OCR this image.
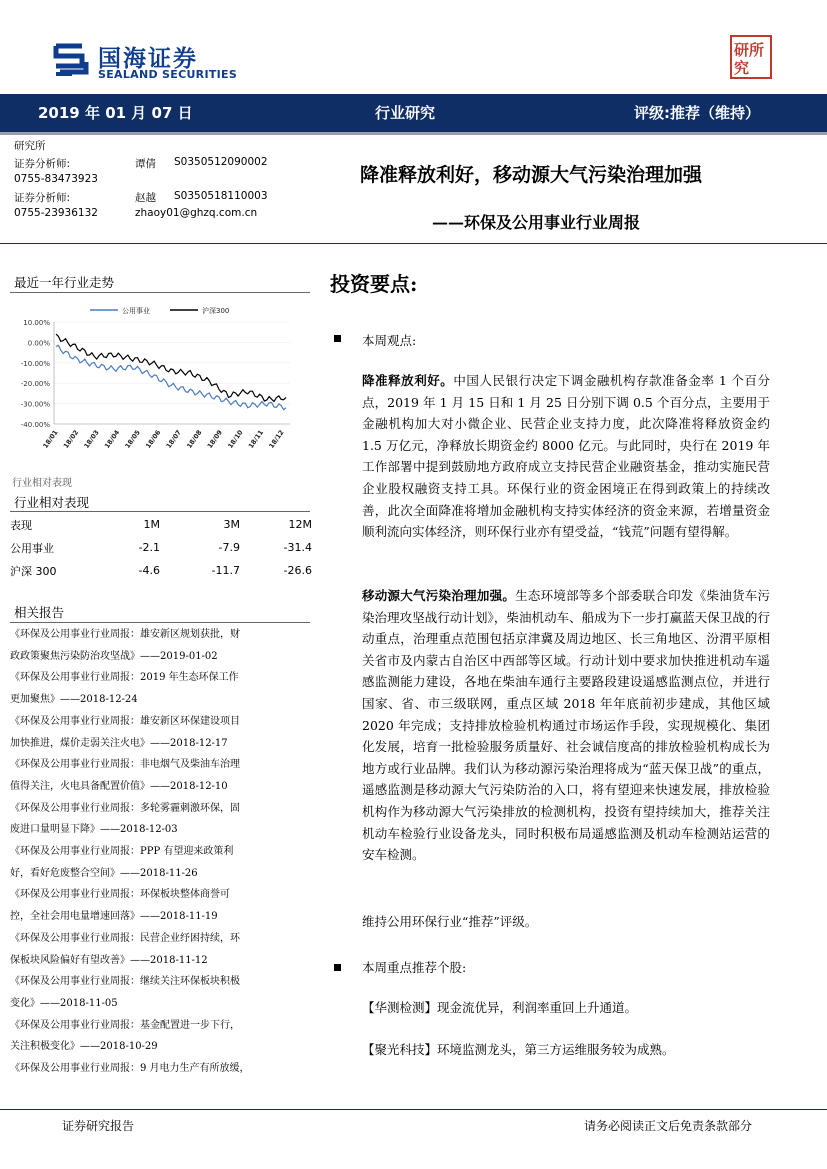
国海证券
SEALAND SECURITIES
研所
究
2019 年 01 月 07 日	行业研究	评级:推荐（维持）
研究所
证券分析师:	谭倩 S0350512090002
0755-83473923
证券分析师:	赵越 S0350518110003
0755-23936132	zhaoy01@ghzq.com.cn
降准释放利好，移动源大气污染治理加强
——环保及公用事业行业周报
最近一年行业走势
10.00%
0.00%
-10.00%
-20.00%
-30.00%
-40.00%
18/01 18/02 18/03 18/04 18/05 18/06 18/07 18/08 18/09 18/10 18/11 18/12
公用事业	沪深300
行业相对表现
行业相对表现
表现	1M	3M	12M
公用事业	-2.1	-7.9	-31.4
沪深 300	-4.6	-11.7	-26.6
相关报告
《环保及公用事业行业周报：雄安新区规划获批，财
政政策聚焦污染防治攻坚战》——2019-01-02
《环保及公用事业行业周报：2019 年生态环保工作
更加聚焦》——2018-12-24
《环保及公用事业行业周报：雄安新区环保建设项目
加快推进，煤价走弱关注火电》——2018-12-17
《环保及公用事业行业周报：非电烟气及柴油车治理
值得关注，火电具备配置价值》——2018-12-10
《环保及公用事业行业周报：多轮雾霾刺激环保，固
废进口量明显下降》——2018-12-03
《环保及公用事业行业周报：PPP 有望迎来政策利
好，看好危废整合空间》——2018-11-26
《环保及公用事业行业周报：环保板块整体商誉可
控，全社会用电量增速回落》——2018-11-19
《环保及公用事业行业周报：民营企业纾困持续，环
保板块风险偏好有望改善》——2018-11-12
《环保及公用事业行业周报：继续关注环保板块积极
变化》——2018-11-05
《环保及公用事业行业周报：基金配置进一步下行，
关注积极变化》——2018-10-29
《环保及公用事业行业周报：9 月电力生产有所放缓，
投资要点:
本周观点:
降准释放利好。中国人民银行决定下调金融机构存款准备金率 1 个百分点，2019 年 1 月 15 日和 1 月 25 日分别下调 0.5 个百分点，主要用于金融机构加大对小微企业、民营企业支持力度，此次降准将释放资金约 1.5 万亿元，净释放长期资金约 8000 亿元。与此同时，央行在 2019 年工作部署中提到鼓励地方政府成立支持民营企业融资基金，推动实施民营企业股权融资支持工具。环保行业的资金困境正在得到政策上的持续改善，此次全面降准将增加金融机构支持实体经济的资金来源，若增量资金顺利流向实体经济，则环保行业亦有望受益，“钱荒”问题有望得解。
移动源大气污染治理加强。生态环境部等多个部委联合印发《柴油货车污染治理攻坚战行动计划》，柴油机动车、船成为下一步打赢蓝天保卫战的行动重点，治理重点范围包括京津冀及周边地区、长三角地区、汾渭平原相关省市及内蒙古自治区中西部等区域。行动计划中要求加快推进机动车遥感监测能力建设，各地在柴油车通行主要路段建设遥感监测点位，并进行国家、省、市三级联网，重点区域 2018 年年底前初步建成，其他区域 2020 年完成；支持排放检验机构通过市场运作手段，实现规模化、集团化发展，培育一批检验服务质量好、社会诚信度高的排放检验机构成长为地方或行业品牌。我们认为移动源污染治理将成为“蓝天保卫战”的重点，遥感监测是移动源大气污染防治的入口，将有望迎来快速发展，排放检验机构作为移动源大气污染排放的检测机构，投资有望持续加大，推荐关注机动车检验行业设备龙头，同时积极布局遥感监测及机动车检测站运营的安车检测。
维持公用环保行业“推荐”评级。
本周重点推荐个股:
【华测检测】现金流优异，利润率重回上升通道。
【聚光科技】环境监测龙头，第三方运维服务较为成熟。
证券研究报告	请务必阅读正文后免责条款部分
